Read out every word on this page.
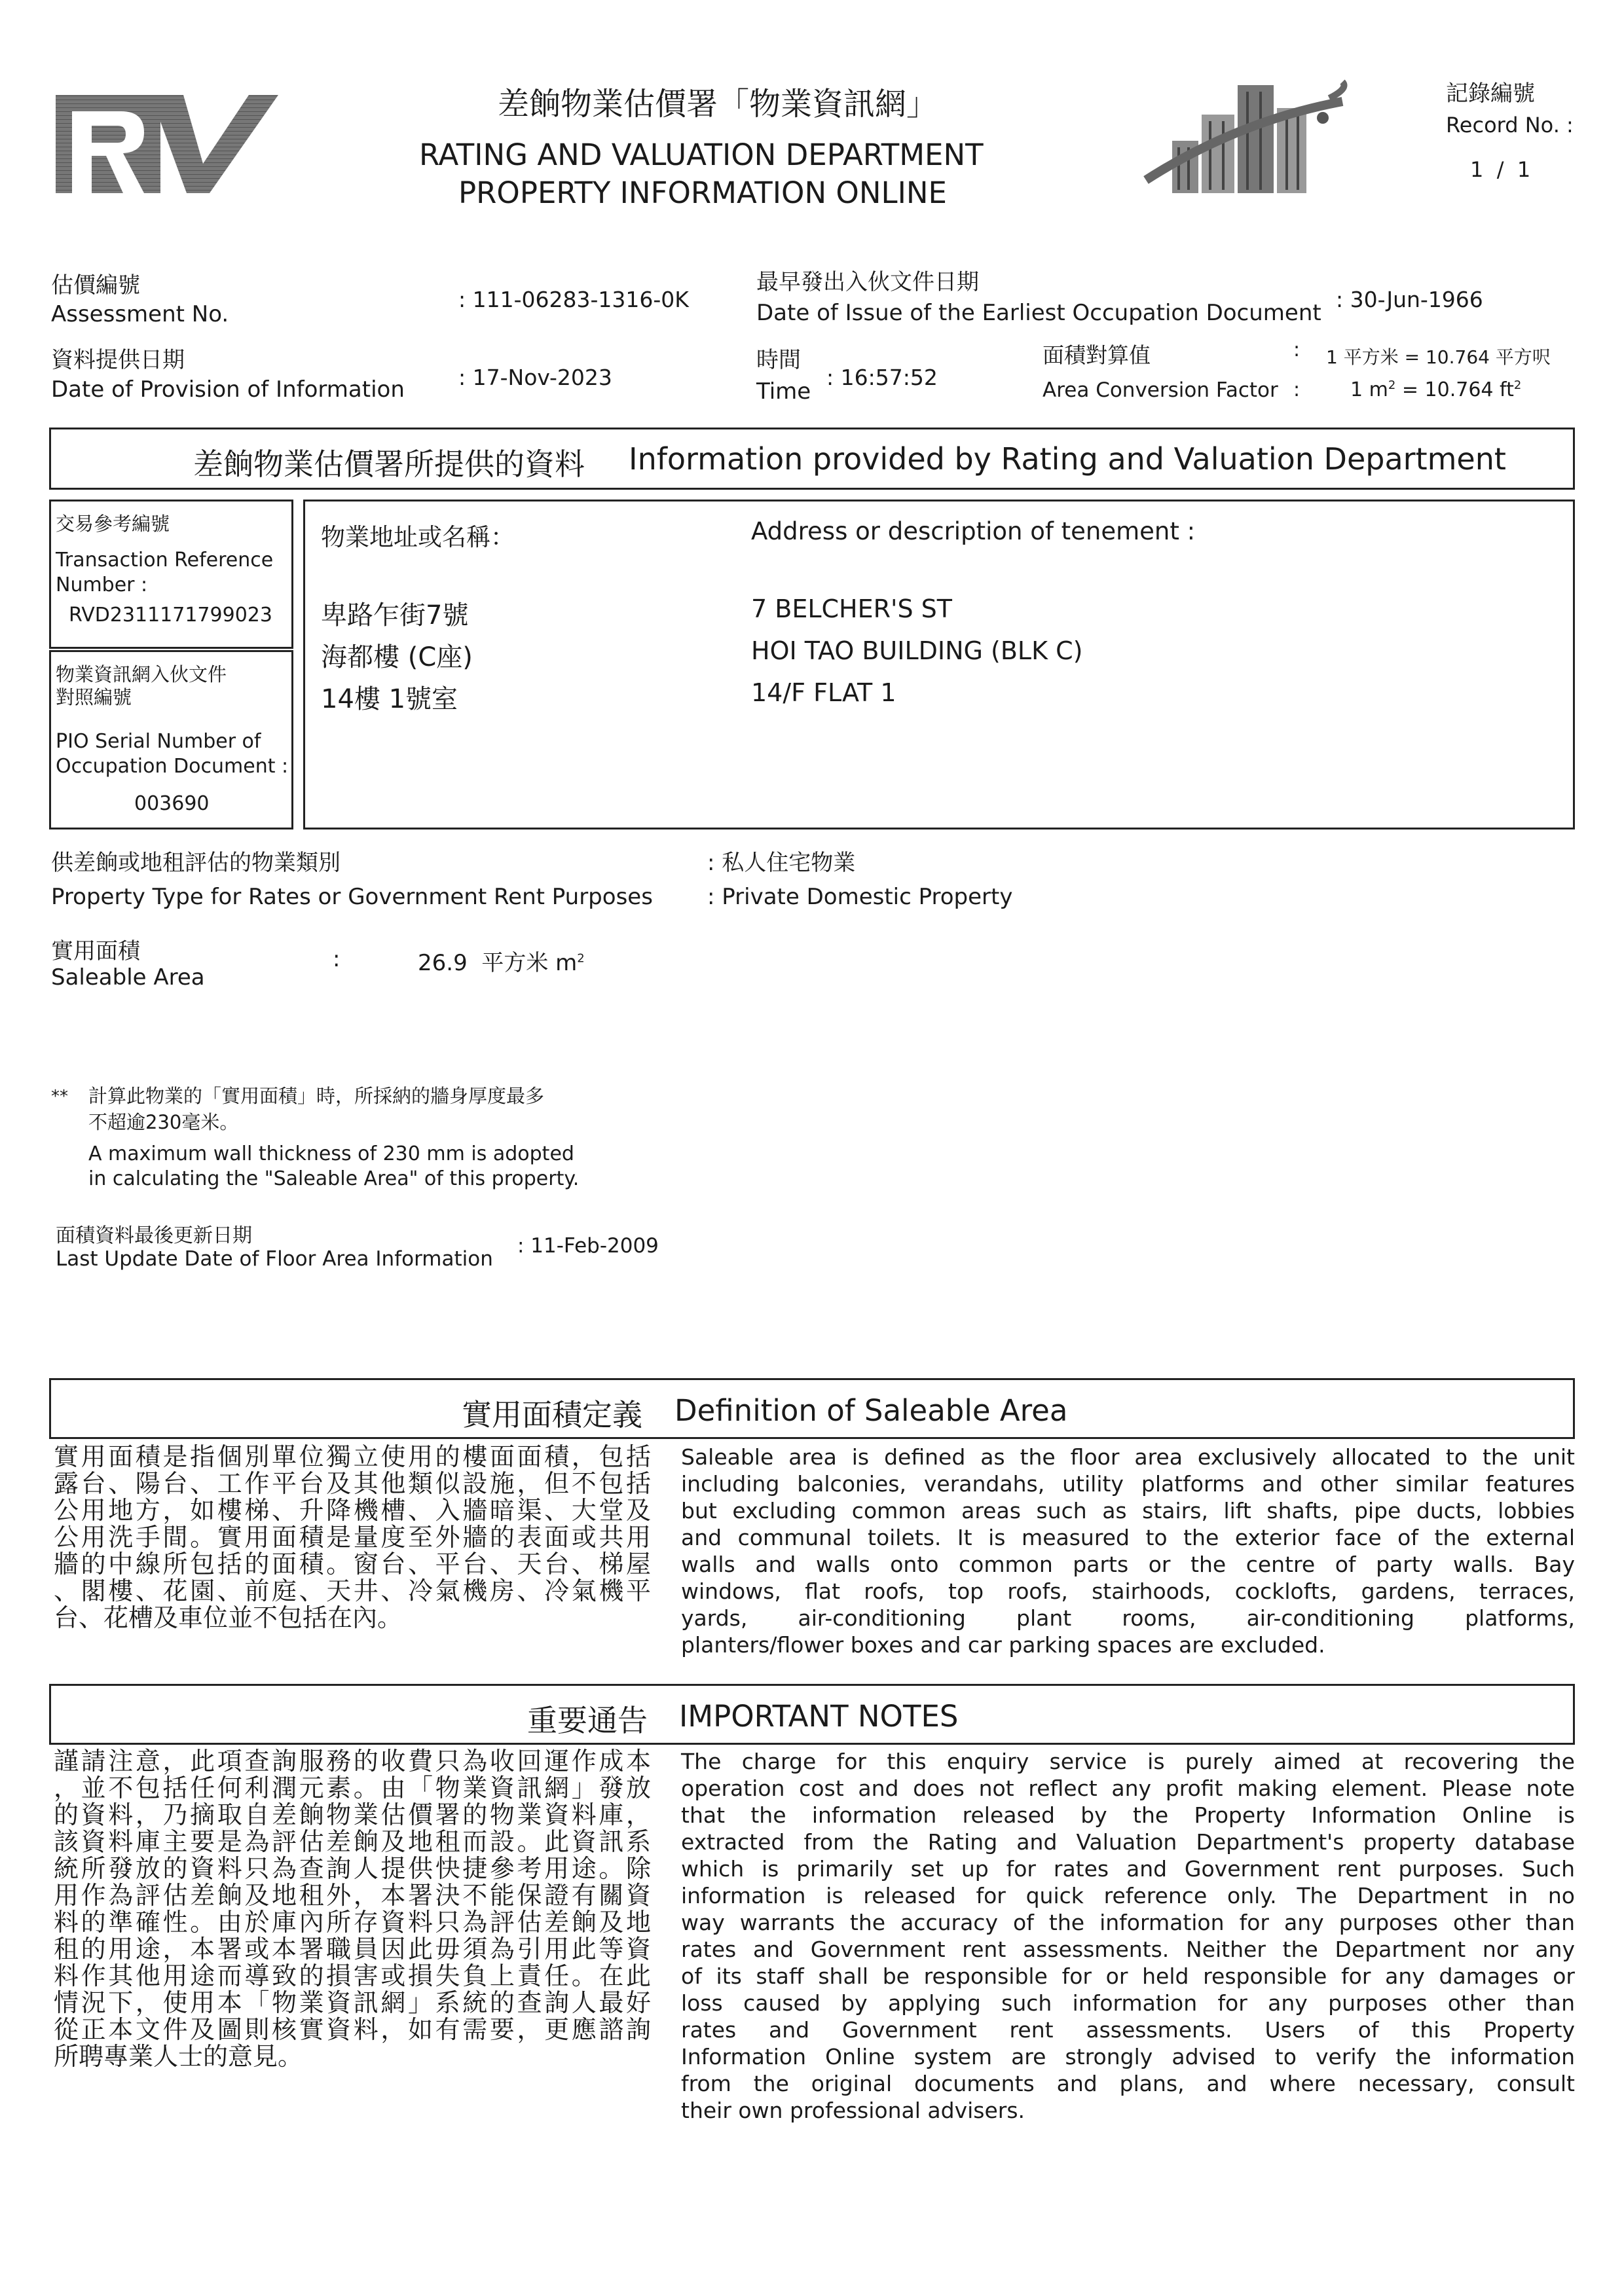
差餉物業估價署「物業資訊網」
RATING AND VALUATION DEPARTMENT
PROPERTY INFORMATION ONLINE
記錄編號
Record No. :
1  /  1
估價編號
Assessment No.
: 111-06283-1316-0K
資料提供日期
Date of Provision of Information : 17-Nov-2023
最早發出入伙文件日期
Date of Issue of the Earliest Occupation Document
: 30-Jun-1966
時間
Time
: 16:57:52
面積對算值
Area Conversion Factor
:
:
1 平方米 = 10.764 平方呎
1 $m^2 = 10.764$ $ft^2$
差餉物業估價署所提供的資料 Information provided by Rating and Valuation Department
交易參考編號
Transaction Reference
Number :
RVD2311171799023
物業資訊網入伙文件
對照編號
PIO Serial Number of
Occupation Document :
003690
物業地址或名稱：	Address or description of tenement :
卑路乍街7號
海都樓 (C座)
14樓 1號室
7 BELCHER'S ST
HOI TAO BUILDING (BLK C)
14/F FLAT 1
供差餉或地租評估的物業類別
Property Type for Rates or Government Rent Purposes
: 私人住宅物業
: Private Domestic Property
實用面積
Saleable Area
:	26.9  平方米 $m^2$
** 計算此物業的「實用面積」時，所採納的牆身厚度最多
不超逾230毫米。
A maximum wall thickness of 230 mm is adopted
in calculating the "Saleable Area" of this property.
面積資料最後更新日期
Last Update Date of Floor Area Information
: 11-Feb-2009
實用面積定義 Definition of Saleable Area
實用面積是指個別單位獨立使用的樓面面積，包括
露台、陽台、工作平台及其他類似設施，但不包括
公用地方，如樓梯、升降機槽、入牆暗渠、大堂及
公用洗手間。實用面積是量度至外牆的表面或共用
牆的中線所包括的面積。窗台、平台、天台、梯屋
、閣樓、花園、前庭、天井、冷氣機房、冷氣機平
台、花槽及車位並不包括在內。
Saleable area is defined as the floor area exclusively allocated to the unit
including balconies, verandahs, utility platforms and other similar features
but excluding common areas such as stairs, lift shafts, pipe ducts, lobbies
and communal toilets. It is measured to the exterior face of the external
walls and walls onto common parts or the centre of party walls. Bay
windows, flat roofs, top roofs, stairhoods, cocklofts, gardens, terraces,
yards, air-conditioning plant rooms, air-conditioning platforms,
planters/flower boxes and car parking spaces are excluded.
重要通告 IMPORTANT NOTES
謹請注意，此項查詢服務的收費只為收回運作成本
，並不包括任何利潤元素。由「物業資訊網」發放
的資料，乃摘取自差餉物業估價署的物業資料庫，
該資料庫主要是為評估差餉及地租而設。此資訊系
統所發放的資料只為查詢人提供快捷參考用途。除
用作為評估差餉及地租外，本署決不能保證有關資
料的準確性。由於庫內所存資料只為評估差餉及地
租的用途，本署或本署職員因此毋須為引用此等資
料作其他用途而導致的損害或損失負上責任。在此
情況下，使用本「物業資訊網」系統的查詢人最好
從正本文件及圖則核實資料，如有需要，更應諮詢
所聘專業人士的意見。
The charge for this enquiry service is purely aimed at recovering the
operation cost and does not reflect any profit making element. Please note
that the information released by the Property Information Online is
extracted from the Rating and Valuation Department's property database
which is primarily set up for rates and Government rent purposes. Such
information is released for quick reference only. The Department in no
way warrants the accuracy of the information for any purposes other than
rates and Government rent assessments. Neither the Department nor any
of its staff shall be responsible for or held responsible for any damages or
loss caused by applying such information for any purposes other than
rates and Government rent assessments. Users of this Property
Information Online system are strongly advised to verify the information
from the original documents and plans, and where necessary, consult
their own professional advisers.
